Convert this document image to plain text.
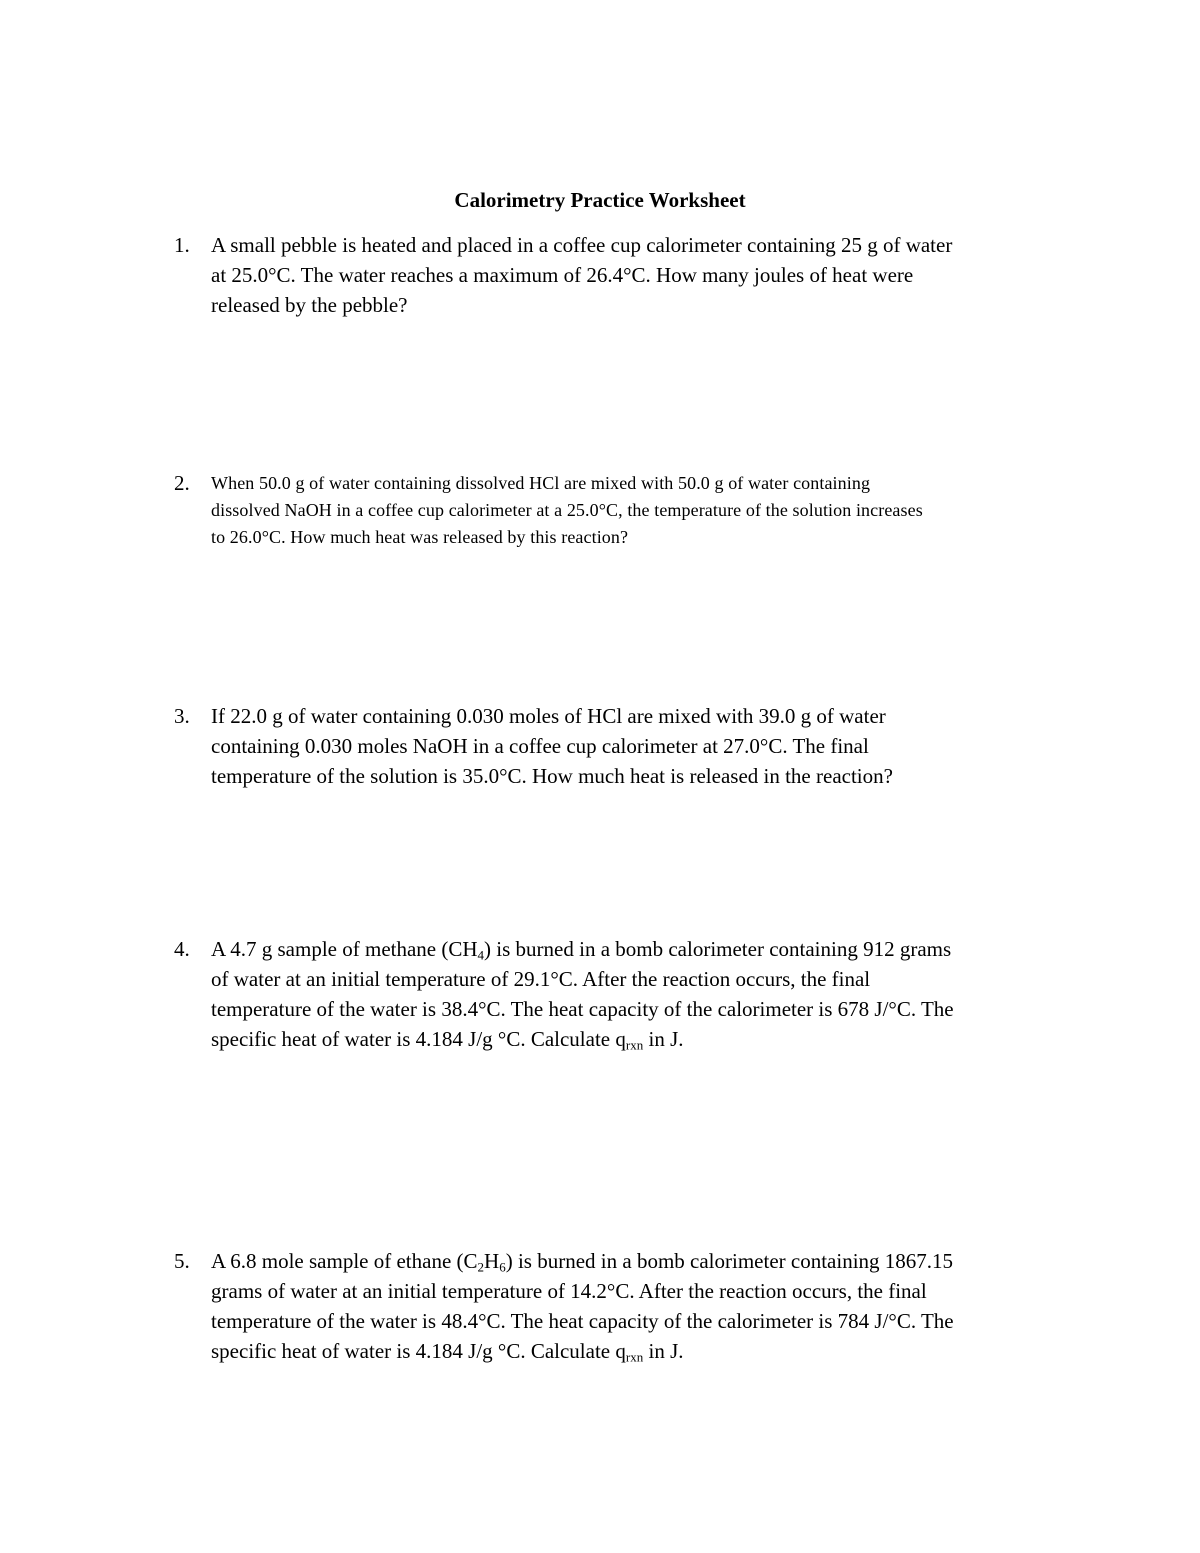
Calorimetry Practice Worksheet
1.	A small pebble is heated and placed in a coffee cup calorimeter containing 25 g of water
at 25.0°C. The water reaches a maximum of 26.4°C. How many joules of heat were
released by the pebble?
2.	When 50.0 g of water containing dissolved HCl are mixed with 50.0 g of water containing
dissolved NaOH in a coffee cup calorimeter at a 25.0°C, the temperature of the solution increases
to 26.0°C. How much heat was released by this reaction?
3.	If 22.0 g of water containing 0.030 moles of HCl are mixed with 39.0 g of water
containing 0.030 moles NaOH in a coffee cup calorimeter at 27.0°C. The final
temperature of the solution is 35.0°C. How much heat is released in the reaction?
4.	A 4.7 g sample of methane $(CH_4)$ is burned in a bomb calorimeter containing 912 grams
of water at an initial temperature of 29.1°C. After the reaction occurs, the final
temperature of the water is 38.4°C. The heat capacity of the calorimeter is 678 J/°C. The
specific heat of water is 4.184 J/g °C. Calculate $q_{rxn}$ in J.
5.	A 6.8 mole sample of ethane $(C_2H_6)$ is burned in a bomb calorimeter containing 1867.15
grams of water at an initial temperature of 14.2°C. After the reaction occurs, the final
temperature of the water is 48.4°C. The heat capacity of the calorimeter is 784 J/°C. The
specific heat of water is 4.184 J/g °C. Calculate $q_{rxn}$ in J.
